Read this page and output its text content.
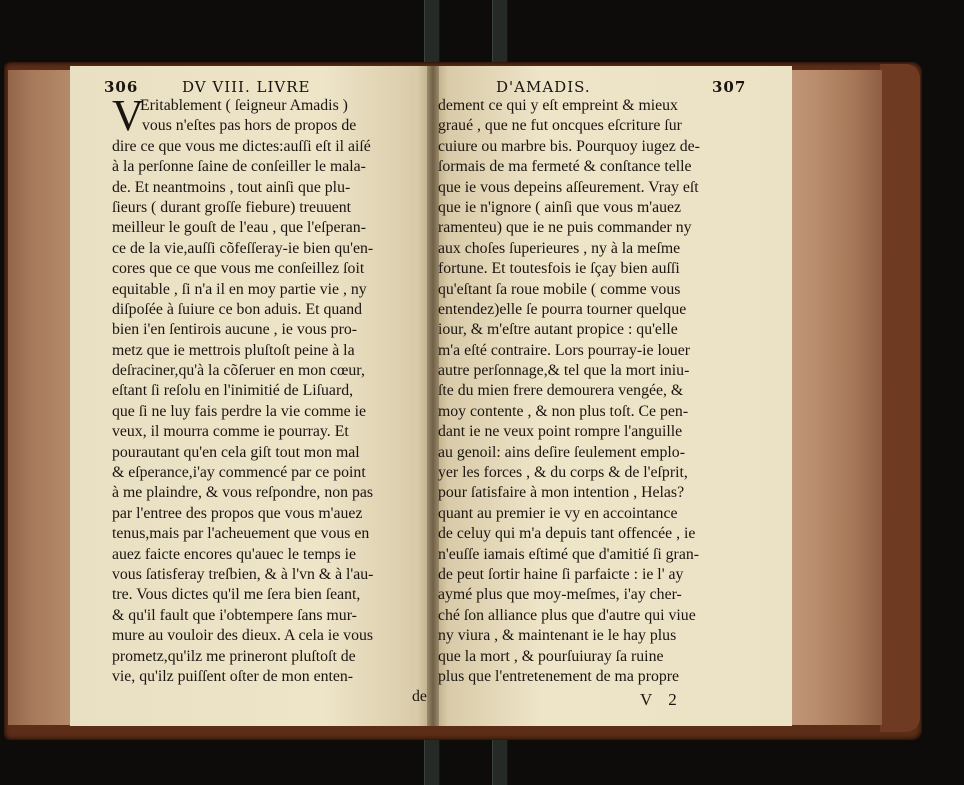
306	DV VIII. LIVRE	D'AMADIS.	307
V
Eritablement ( ſeigneur Amadis )
vous n'eſtes pas hors de propos de
dire ce que vous me dictes:auſſi eſt il aiſé
à la perſonne ſaine de conſeiller le mala-
de. Et neantmoins , tout ainſi que plu-
ſieurs ( durant groſſe fiebure) treuuent
meilleur le gouſt de l'eau , que l'eſperan-
ce de la vie,auſſi cõfeſſeray-ie bien qu'en-
cores que ce que vous me conſeillez ſoit
equitable , ſi n'a il en moy partie vie , ny
diſpoſée à ſuiure ce bon aduis. Et quand
bien i'en ſentirois aucune , ie vous pro-
metz que ie mettrois pluſtoſt peine à la
deſraciner,qu'à la cõſeruer en mon cœur,
eſtant ſi reſolu en l'inimitié de Liſuard,
que ſi ne luy fais perdre la vie comme ie
veux, il mourra comme ie pourray. Et
pourautant qu'en cela giſt tout mon mal
& eſperance,i'ay commencé par ce point
à me plaindre, & vous reſpondre, non pas
par l'entree des propos que vous m'auez
tenus,mais par l'acheuement que vous en
auez faicte encores qu'auec le temps ie
vous ſatisferay treſbien, & à l'vn & à l'au-
tre. Vous dictes qu'il me ſera bien ſeant,
& qu'il fault que i'obtempere ſans mur-
mure au vouloir des dieux. A cela ie vous
prometz,qu'ilz me prineront pluſtoſt de
vie, qu'ilz puiſſent oſter de mon enten-
de
dement ce qui y eſt empreint & mieux
graué , que ne fut oncques eſcriture ſur
cuiure ou marbre bis. Pourquoy iugez de-
ſormais de ma fermeté & conſtance telle
que ie vous depeins aſſeurement. Vray eſt
que ie n'ignore ( ainſi que vous m'auez
ramentеu) que ie ne puis commander ny
aux choſes ſuperieures , ny à la meſme
fortune. Et toutesfois ie ſçay bien auſſi
qu'eſtant ſa roue mobile ( comme vous
entendez)elle ſe pourra tourner quelque
iour, & m'eſtre autant propice : qu'elle
m'a eſté contraire. Lors pourray-ie louer
autre perſonnage,& tel que la mort iniu-
ſte du mien frere demourera vengée, &
moy contente , & non plus toſt. Ce pen-
dant ie ne veux point rompre l'anguille
au genoil: ains deſire ſeulement emplo-
yer les forces , & du corps & de l'eſprit,
pour ſatisfaire à mon intention , Helas?
quant au premier ie vy en accointance
de celuy qui m'a depuis tant offencée , ie
n'euſſe iamais eſtimé que d'amitié ſi gran-
de peut ſortir haine ſi parfaicte : ie l' ay
aymé plus que moy-meſmes, i'ay cher-
ché ſon alliance plus que d'autre qui viue
ny viura , & maintenant ie le hay plus
que la mort , & pourſuiuray ſa ruine
plus que l'entretenement de ma propre
V 2
